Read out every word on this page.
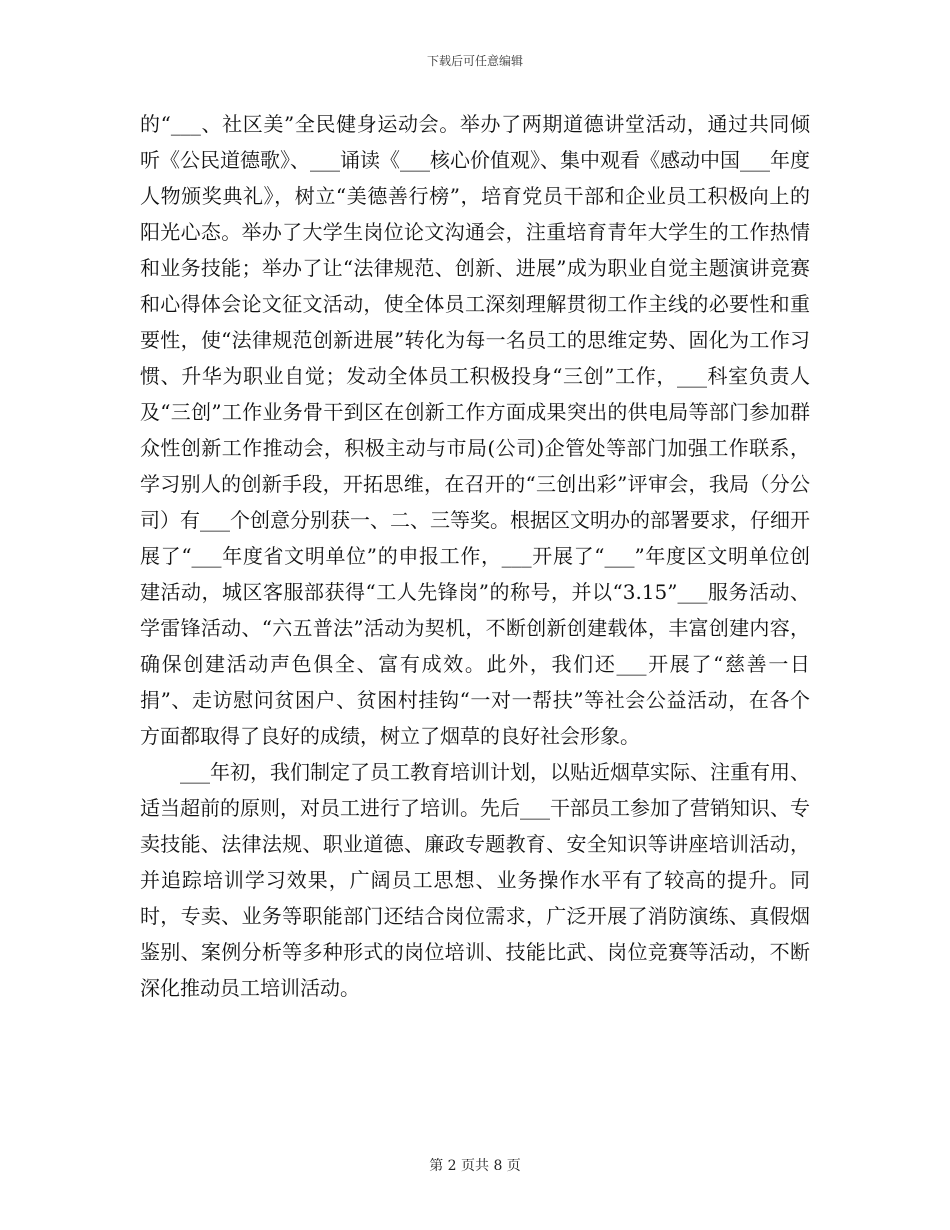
下载后可任意编辑

的“___、社区美”全民健身运动会。举办了两期道德讲堂活动，通过共同倾听《公民道德歌》、___诵读《___核心价值观》、集中观看《感动中国___年度人物颁奖典礼》，树立“美德善行榜”，培育党员干部和企业员工积极向上的阳光心态。举办了大学生岗位论文沟通会，注重培育青年大学生的工作热情和业务技能；举办了让“法律规范、创新、进展”成为职业自觉主题演讲竞赛和心得体会论文征文活动，使全体员工深刻理解贯彻工作主线的必要性和重要性，使“法律规范创新进展”转化为每一名员工的思维定势、固化为工作习惯、升华为职业自觉；发动全体员工积极投身“三创”工作，___科室负责人及“三创”工作业务骨干到区在创新工作方面成果突出的供电局等部门参加群众性创新工作推动会，积极主动与市局(公司)企管处等部门加强工作联系，学习别人的创新手段，开拓思维，在召开的“三创出彩”评审会，我局（分公司）有___个创意分别获一、二、三等奖。根据区文明办的部署要求，仔细开展了“___年度省文明单位”的申报工作，___开展了“___”年度区文明单位创建活动，城区客服部获得“工人先锋岗”的称号，并以“3.15”___服务活动、学雷锋活动、“六五普法”活动为契机，不断创新创建载体，丰富创建内容，确保创建活动声色俱全、富有成效。此外，我们还___开展了“慈善一日捐”、走访慰问贫困户、贫困村挂钩“一对一帮扶”等社会公益活动，在各个方面都取得了良好的成绩，树立了烟草的良好社会形象。

___年初，我们制定了员工教育培训计划，以贴近烟草实际、注重有用、适当超前的原则，对员工进行了培训。先后___干部员工参加了营销知识、专卖技能、法律法规、职业道德、廉政专题教育、安全知识等讲座培训活动，并追踪培训学习效果，广阔员工思想、业务操作水平有了较高的提升。同时，专卖、业务等职能部门还结合岗位需求，广泛开展了消防演练、真假烟鉴别、案例分析等多种形式的岗位培训、技能比武、岗位竞赛等活动，不断深化推动员工培训活动。

第 2 页共 8 页
